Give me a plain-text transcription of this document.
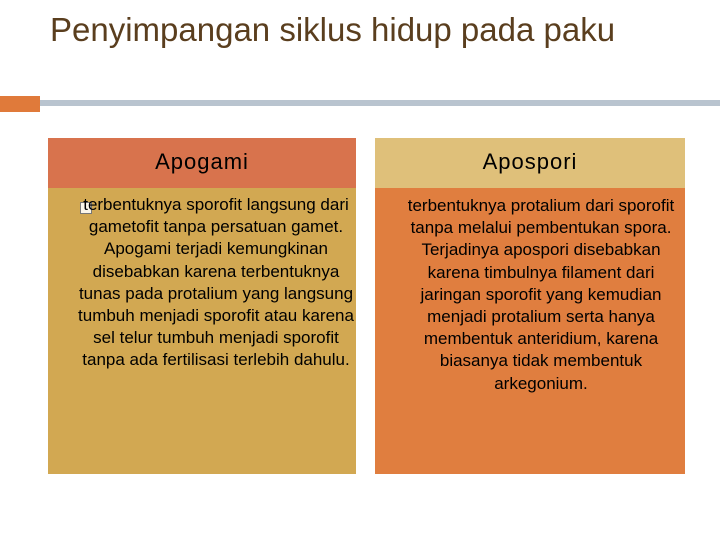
Penyimpangan siklus hidup pada paku
Apogami	Apospori
terbentuknya sporofit langsung dari gametofit tanpa persatuan gamet. Apogami terjadi kemungkinan disebabkan karena terbentuknya tunas pada protalium yang langsung tumbuh menjadi sporofit atau karena sel telur tumbuh menjadi sporofit tanpa ada fertilisasi terlebih dahulu.
terbentuknya protalium dari sporofit tanpa melalui pembentukan spora. Terjadinya apospori disebabkan karena timbulnya filament dari jaringan sporofit yang kemudian menjadi protalium serta hanya membentuk anteridium, karena biasanya tidak membentuk arkegonium.
